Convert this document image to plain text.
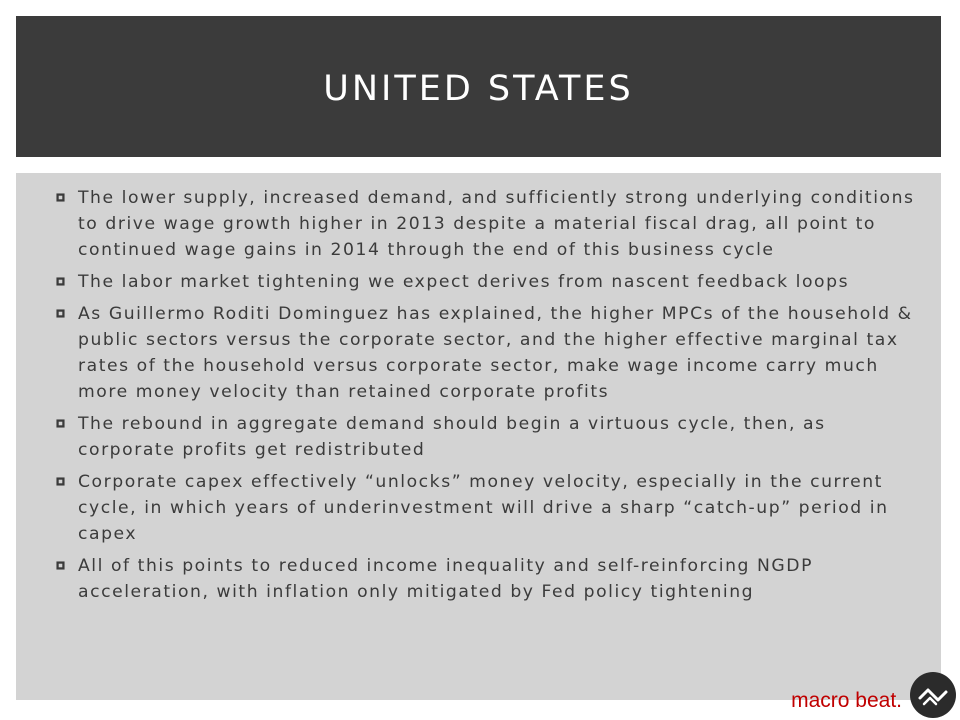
UNITED STATES
The lower supply, increased demand, and sufficiently strong underlying conditions to drive wage growth higher in 2013 despite a material fiscal drag, all point to continued wage gains in 2014 through the end of this business cycle
The labor market tightening we expect derives from nascent feedback loops
As Guillermo Roditi Dominguez has explained, the higher MPCs of the household & public sectors versus the corporate sector, and the higher effective marginal tax rates of the household versus corporate sector, make wage income carry much more money velocity than retained corporate profits
The rebound in aggregate demand should begin a virtuous cycle, then, as corporate profits get redistributed
Corporate capex effectively “unlocks” money velocity, especially in the current cycle, in which years of underinvestment will drive a sharp “catch-up” period in capex
All of this points to reduced income inequality and self-reinforcing NGDP acceleration, with inflation only mitigated by Fed policy tightening
macro beat.
